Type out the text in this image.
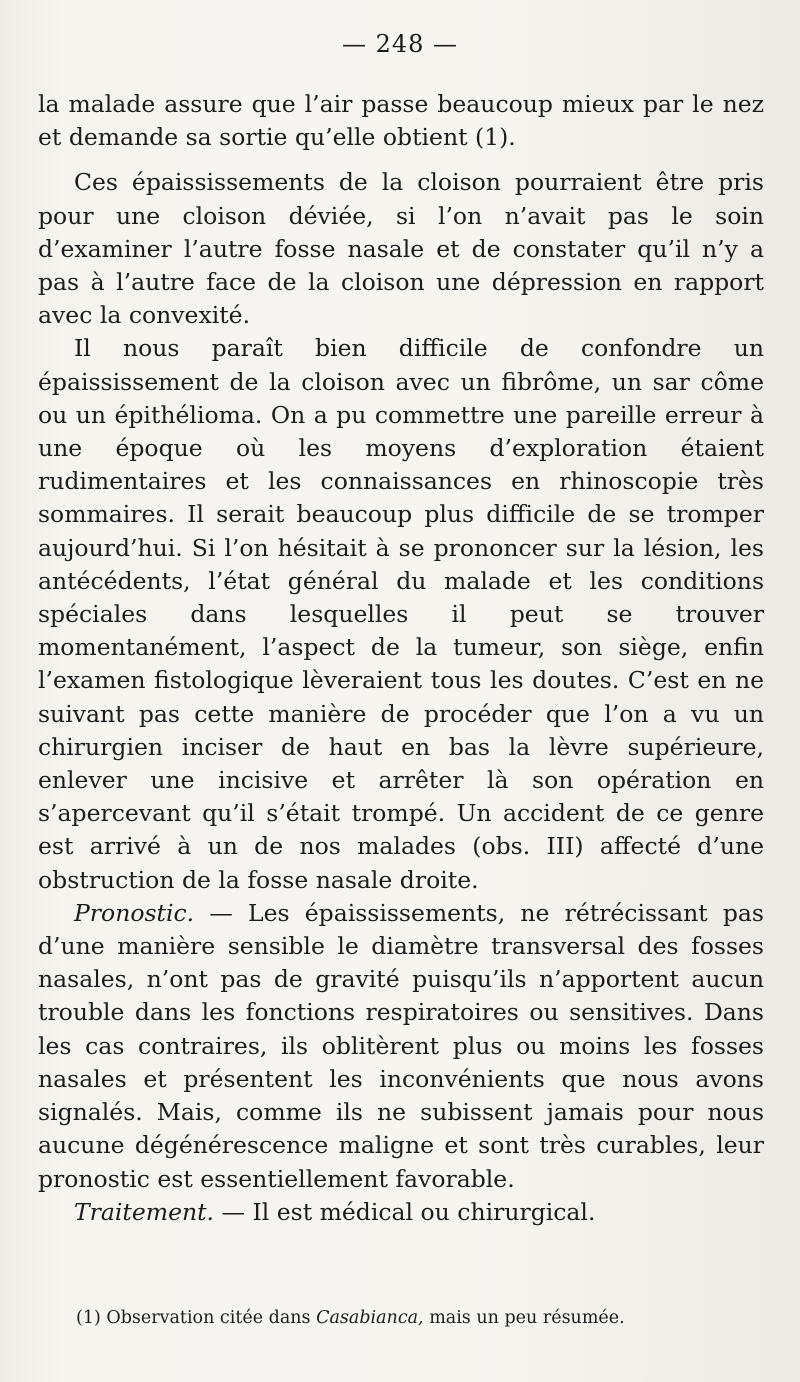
— 248 —

la malade assure que l’air passe beaucoup mieux par le nez et demande sa sortie qu’elle obtient (1).

Ces épaississements de la cloison pourraient être pris pour une cloison déviée, si l’on n’avait pas le soin d’examiner l’autre fosse nasale et de constater qu’il n’y a pas à l’autre face de la cloison une dépression en rapport avec la convexité.

Il nous paraît bien difficile de confondre un épaississement de la cloison avec un fibrôme, un sar côme ou un épithélioma. On a pu commettre une pareille erreur à une époque où les moyens d’exploration étaient rudimentaires et les connaissances en rhinoscopie très sommaires. Il serait beaucoup plus difficile de se tromper aujourd’hui. Si l’on hésitait à se prononcer sur la lésion, les antécédents, l’état général du malade et les conditions spéciales dans lesquelles il peut se trouver momentanément, l’aspect de la tumeur, son siège, enfin l’examen fistologique lèveraient tous les doutes. C’est en ne suivant pas cette manière de procéder que l’on a vu un chirurgien inciser de haut en bas la lèvre supérieure, enlever une incisive et arrêter là son opération en s’apercevant qu’il s’était trompé. Un accident de ce genre est arrivé à un de nos malades (obs. III) affecté d’une obstruction de la fosse nasale droite.

Pronostic. — Les épaississements, ne rétrécissant pas d’une manière sensible le diamètre transversal des fosses nasales, n’ont pas de gravité puisqu’ils n’apportent aucun trouble dans les fonctions respiratoires ou sensitives. Dans les cas contraires, ils oblitèrent plus ou moins les fosses nasales et présentent les inconvénients que nous avons signalés. Mais, comme ils ne subissent jamais pour nous aucune dégénérescence maligne et sont très curables, leur pronostic est essentiellement favorable.

Traitement. — Il est médical ou chirurgical.

(1) Observation citée dans Casabianca, mais un peu résumée.
